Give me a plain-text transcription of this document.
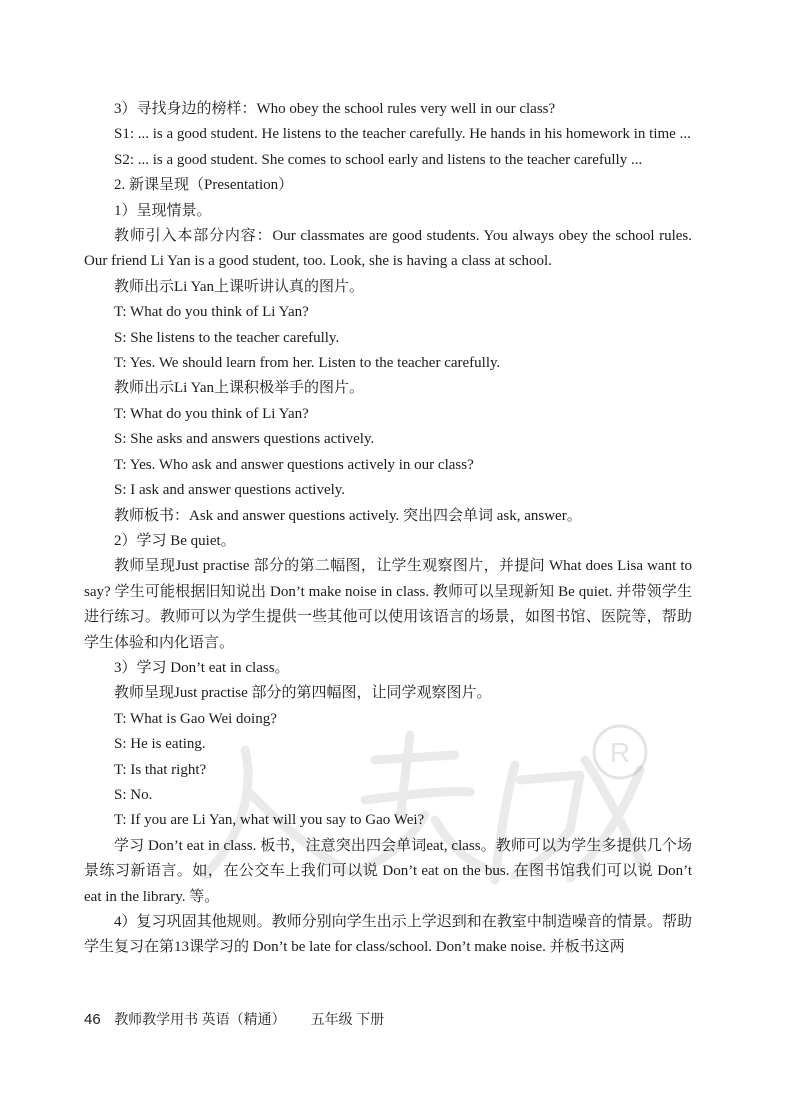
R

3）寻找身边的榜样：Who obey the school rules very well in our class?

S1: ... is a good student. He listens to the teacher carefully. He hands in his homework in time ...

S2: ... is a good student. She comes to school early and listens to the teacher carefully ...

2. 新课呈现（Presentation）

1）呈现情景。

教师引入本部分内容：Our classmates are good students. You always obey the school rules. Our friend Li Yan is a good student, too. Look, she is having a class at school.

教师出示Li Yan上课听讲认真的图片。

T: What do you think of Li Yan?

S: She listens to the teacher carefully.

T: Yes. We should learn from her. Listen to the teacher carefully.

教师出示Li Yan上课积极举手的图片。

T: What do you think of Li Yan?

S: She asks and answers questions actively.

T: Yes. Who ask and answer questions actively in our class?

S: I ask and answer questions actively.

教师板书：Ask and answer questions actively. 突出四会单词 ask, answer。

2）学习 Be quiet。

教师呈现Just practise 部分的第二幅图，让学生观察图片，并提问 What does Lisa want to say? 学生可能根据旧知说出 Don’t make noise in class. 教师可以呈现新知 Be quiet. 并带领学生进行练习。教师可以为学生提供一些其他可以使用该语言的场景，如图书馆、医院等，帮助学生体验和内化语言。

3）学习 Don’t eat in class。

教师呈现Just practise 部分的第四幅图，让同学观察图片。

T: What is Gao Wei doing?

S: He is eating.

T: Is that right?

S: No.

T: If you are Li Yan, what will you say to Gao Wei?

学习 Don’t eat in class. 板书，注意突出四会单词eat, class。教师可以为学生多提供几个场景练习新语言。如，在公交车上我们可以说 Don’t eat on the bus. 在图书馆我们可以说 Don’t eat in the library. 等。

4）复习巩固其他规则。教师分别向学生出示上学迟到和在教室中制造噪音的情景。帮助学生复习在第13课学习的 Don’t be late for class/school. Don’t make noise. 并板书这两

46 教师教学用书 英语（精通） 五年级 下册
